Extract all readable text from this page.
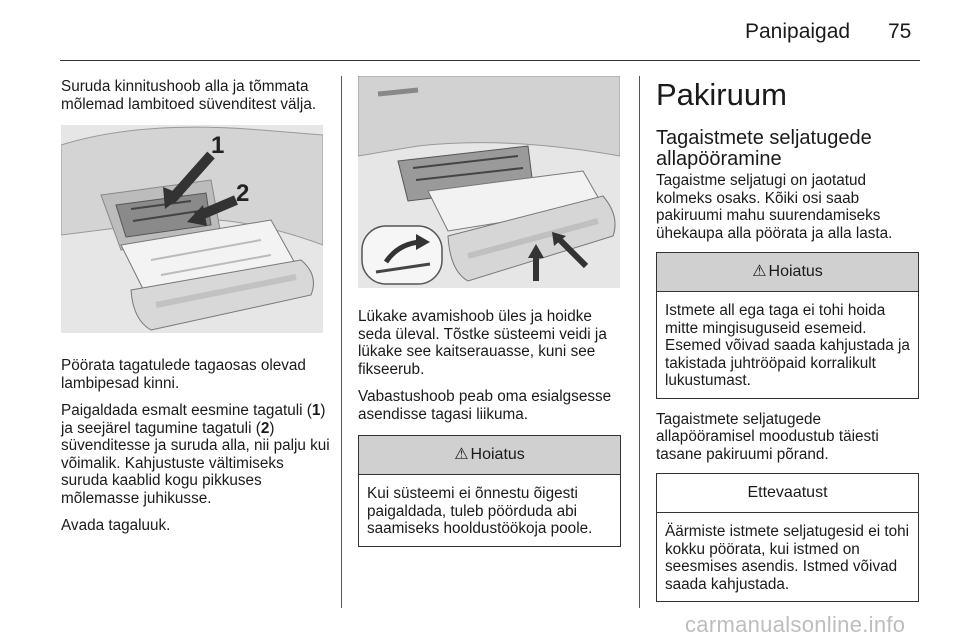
Panipaigad 75

Suruda kinnitushoob alla ja tõmmata mõlemad lambitoed süvenditest välja.

1
2

Pöörata tagatulede tagaosas olevad lambipesad kinni.

Paigaldada esmalt eesmine tagatuli (1) ja seejärel tagumine tagatuli (2) süvenditesse ja suruda alla, nii palju kui võimalik. Kahjustuste vältimiseks suruda kaablid kogu pikkuses mõlemasse juhikusse.

Avada tagaluuk.

Lükake avamishoob üles ja hoidke seda üleval. Tõstke süsteemi veidi ja lükake see kaitserauasse, kuni see fikseerub.

Vabastushoob peab oma esialgsesse asendisse tagasi liikuma.

⚠ Hoiatus
Kui süsteemi ei õnnestu õigesti paigaldada, tuleb pöörduda abi saamiseks hooldustöökoja poole.
Pakiruum
Tagaistmete seljatugede allapööramine

Tagaistme seljatugi on jaotatud kolmeks osaks. Kõiki osi saab pakiruumi mahu suurendamiseks ühekaupa alla pöörata ja alla lasta.

⚠ Hoiatus
Istmete all ega taga ei tohi hoida mitte mingisuguseid esemeid. Esemed võivad saada kahjustada ja takistada juhtrööpaid korralikult lukustumast.

Tagaistmete seljatugede allapööramisel moodustub täiesti tasane pakiruumi põrand.

Ettevaatust
Äärmiste istmete seljatugesid ei tohi kokku pöörata, kui istmed on seesmises asendis. Istmed võivad saada kahjustada.
carmanualsonline.info
